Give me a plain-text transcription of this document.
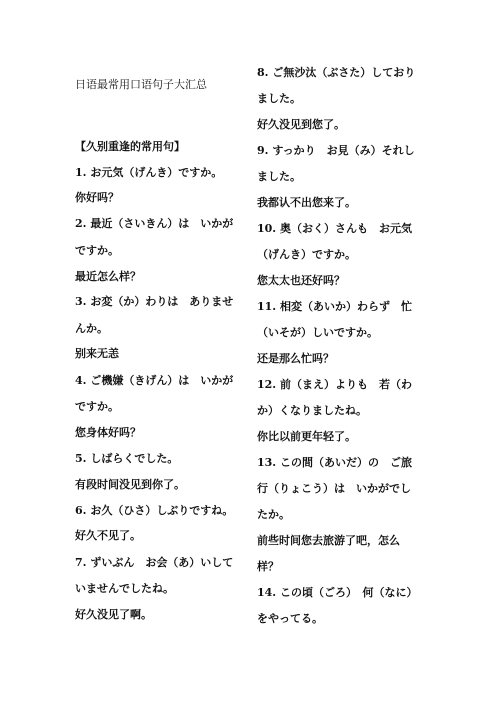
日语最常用口语句子大汇总
【久别重逢的常用句】
1. お元気（げんき）ですか。
你好吗？
2. 最近（さいきん）は　いかが
ですか。
最近怎么样？
3. お変（か）わりは　ありませ
んか。
别来无恙
4. ご機嫌（きげん）は　いかが
ですか。
您身体好吗？
5. しばらくでした。
有段时间没见到你了。
6. お久（ひさ）しぶりですね。
好久不见了。
7. ずいぶん　お会（あ）いして
いませんでしたね。
好久没见了啊。
8. ご無沙汰（ぶさた）しており
ました。
好久没见到您了。
9. すっかり　お見（み）それし
ました。
我都认不出您来了。
10. 奥（おく）さんも　お元気
（げんき）ですか。
您太太也还好吗？
11. 相変（あいか）わらず　忙
（いそが）しいですか。
还是那么忙吗？
12. 前（まえ）よりも　若（わ
か）くなりましたね。
你比以前更年轻了。
13. この間（あいだ）の　ご旅
行（りょこう）は　いかがでし
たか。
前些时间您去旅游了吧，怎么
样？
14. この頃（ごろ）　何（なに）
をやってる。
